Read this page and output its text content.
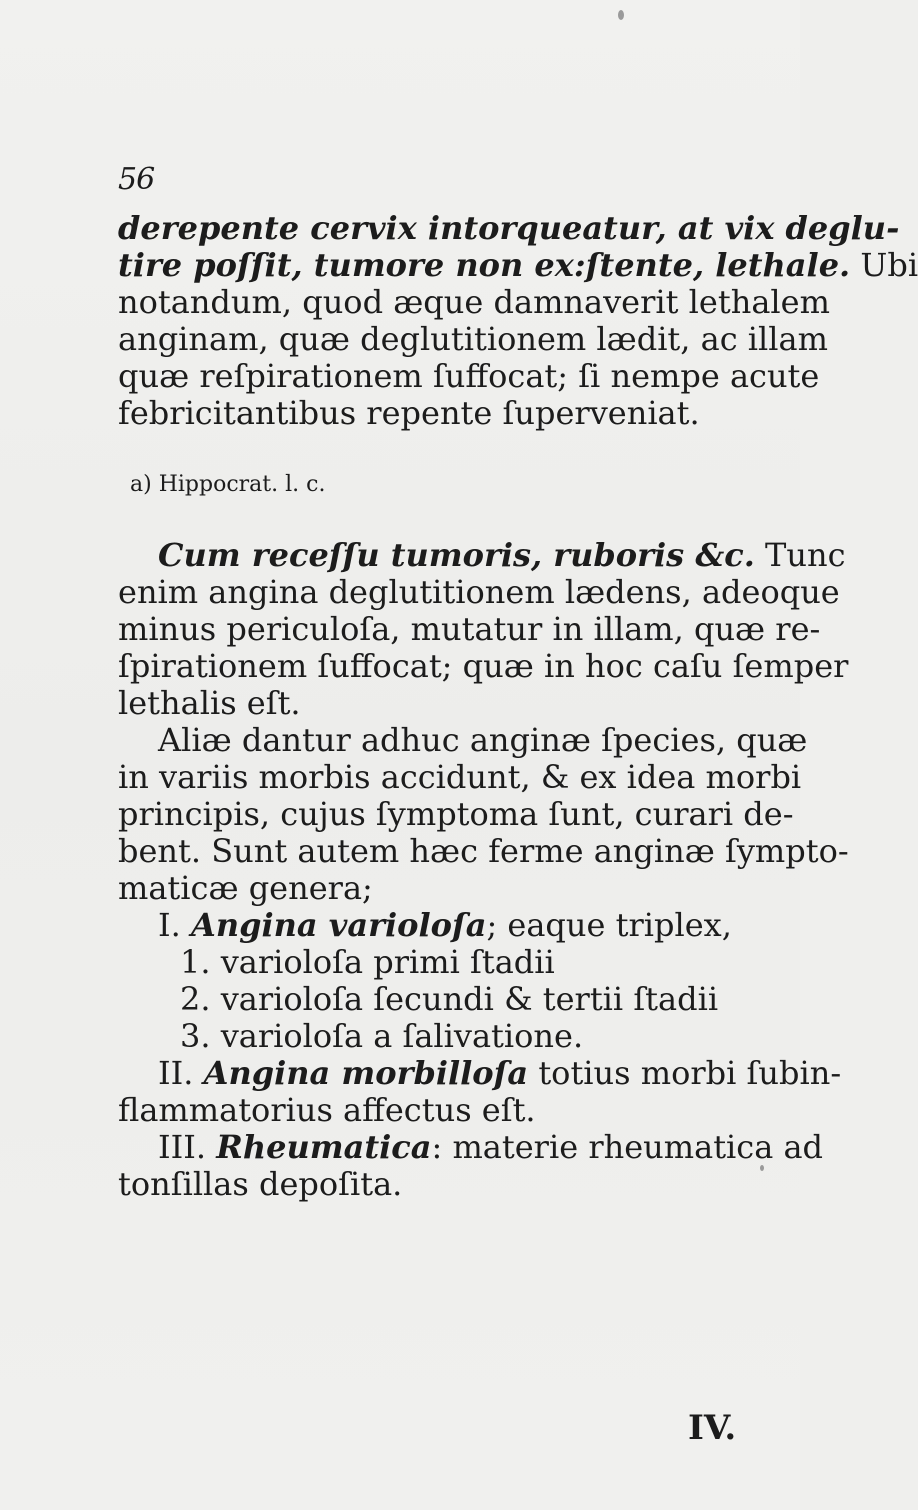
56
derepente cervix intorqueatur, at vix deglu-
tire poſſit, tumore non ex:ſtente, lethale. Ubi
notandum, quod æque damnaverit lethalem
anginam, quæ deglutitionem lædit, ac illam
quæ reſpirationem ſuffocat; ſi nempe acute
febricitantibus repente ſuperveniat.
a) Hippocrat. l. c.
Cum receſſu tumoris, ruboris &c. Tunc
enim angina deglutitionem lædens, adeoque
minus periculoſa, mutatur in illam, quæ re-
ſpirationem ſuffocat; quæ in hoc caſu ſemper
lethalis eſt.
Aliæ dantur adhuc anginæ ſpecies, quæ
in variis morbis accidunt, & ex idea morbi
principis, cujus ſymptoma ſunt, curari de-
bent. Sunt autem hæc ferme anginæ ſympto-
maticæ genera;
I. Angina varioloſa; eaque triplex,
1. varioloſa primi ſtadii
2. varioloſa ſecundi & tertii ſtadii
3. varioloſa a ſalivatione.
II. Angina morbilloſa totius morbi ſubin-
flammatorius affectus eſt.
III. Rheumatica: materie rheumatica ad
tonſillas depoſita.
IV.
